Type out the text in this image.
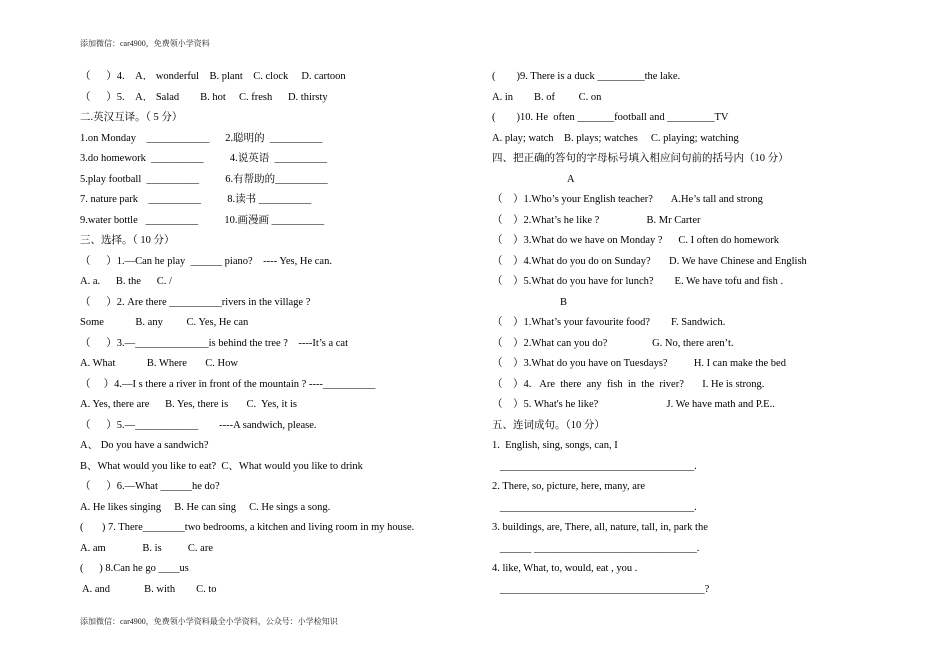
添加微信：car4900，免费领小学资料
（      ）4.    A． wonderful    B. plant    C. clock     D. cartoon
（      ）5.    A． Salad        B. hot     C. fresh      D. thirsty
二.英汉互译。（ 5 分）
1.on Monday    ____________      2.聪明的  __________
3.do homework  __________          4.说英语  __________
5.play football  __________          6.有帮助的__________
7. nature park    __________          8.读书 __________
9.water bottle   __________          10.画漫画 __________
三、选择。（ 10 分）
（      ）1.—Can he play  ______ piano?    ---- Yes, He can.
A. a.      B. the      C. /
（      ）2. Are there __________rivers in the village ?
Some            B. any         C. Yes, He can
（      ）3.—______________is behind the tree ?    ----It’s a cat
A. What            B. Where       C. How
（     ）4.—I s there a river in front of the mountain ? ----__________
A. Yes, there are      B. Yes, there is       C.  Yes, it is
（      ）5.—____________        ----A sandwich, please.
A、 Do you have a sandwich?
B、What would you like to eat?  C、What would you like to drink
（      ）6.—What ______he do?
A. He likes singing     B. He can sing     C. He sings a song.
(       ) 7. There________two bedrooms, a kitchen and living room in my house.
A. am              B. is          C. are
(      ) 8.Can he go ____us
A. and             B. with        C. to
(        )9. There is a duck _________the lake.
A. in        B. of         C. on
(        )10. He  often _______football and _________TV
A. play; watch    B. plays; watches     C. playing; watching
四、把正确的答句的字母标号填入相应问句前的括号内（10 分）
A
（    ）1.Who’s your English teacher?       A.He’s tall and strong
（    ）2.What’s he like ?                  B. Mr Carter
（    ）3.What do we have on Monday ?      C. I often do homework
（    ）4.What do you do on Sunday?       D. We have Chinese and English
（    ）5.What do you have for lunch?        E. We have tofu and fish .
B
（    ）1.What’s your favourite food?        F. Sandwich.
（    ）2.What can you do?                 G. No, there aren’t.
（    ）3.What do you have on Tuesdays?          H. I can make the bed
（    ）4.   Are  there  any  fish  in  the  river?       I. He is strong.
（    ）5. What's he like?                          J. We have math and P.E..
五、连词成句。（10 分）
1.  English, sing, songs, can, I
_____________________________________.
2. There, so, picture, here, many, are
_____________________________________.
3. buildings, are, There, all, nature, tall, in, park the
______ _______________________________.
4. like, What, to, would, eat , you .
_______________________________________?
添加微信：car4900，免费领小学资料最全小学资料，公众号：小学检知识
